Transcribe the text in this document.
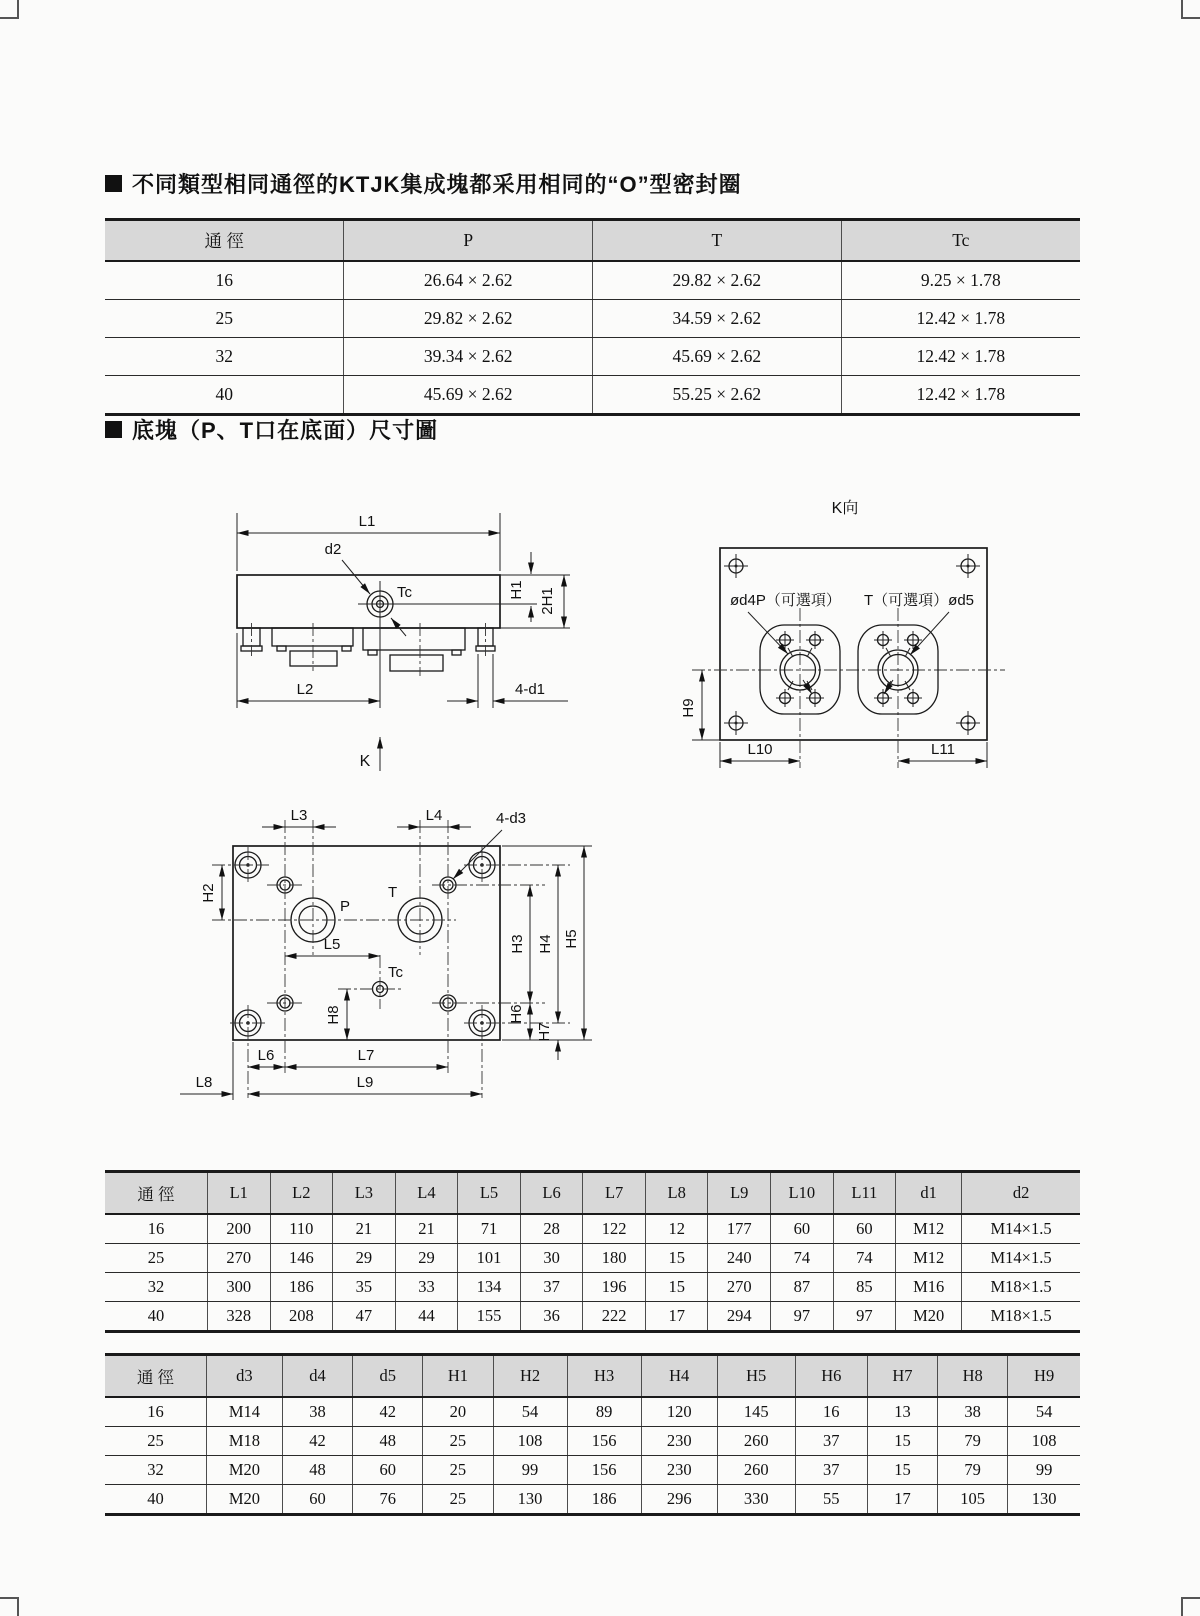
不同類型相同通徑的KTJK集成塊都采用相同的“O”型密封圈
通 徑	P	T	Tc
16	26.64 × 2.62	29.82 × 2.62	9.25 × 1.78
25	29.82 × 2.62	34.59 × 2.62	12.42 × 1.78
32	39.34 × 2.62	45.69 × 2.62	12.42 × 1.78
40	45.69 × 2.62	55.25 × 2.62	12.42 × 1.78
底塊（P、T口在底面）尺寸圖
L1
d2
Tc	H1 2H1
L2	4-d1
K
K向
ød4P（可選項） T（可選項）ød5
H9
L10	L11
P
T
Tc
L3	L4	4-d3
H2
L5
H8
L6	L7
L9
L8
H3
H6
H4
H7
H5
通 徑	L1	L2	L3	L4	L5	L6	L7	L8	L9	L10	L11	d1	d2
16	200	110	21	21	71	28	122	12	177	60	60	M12	M14×1.5
25	270	146	29	29	101	30	180	15	240	74	74	M12	M14×1.5
32	300	186	35	33	134	37	196	15	270	87	85	M16	M18×1.5
40	328	208	47	44	155	36	222	17	294	97	97	M20	M18×1.5
通 徑	d3	d4	d5	H1	H2	H3	H4	H5	H6	H7	H8	H9
16	M14	38	42	20	54	89	120	145	16	13	38	54
25	M18	42	48	25	108	156	230	260	37	15	79	108
32	M20	48	60	25	99	156	230	260	37	15	79	99
40	M20	60	76	25	130	186	296	330	55	17	105	130
